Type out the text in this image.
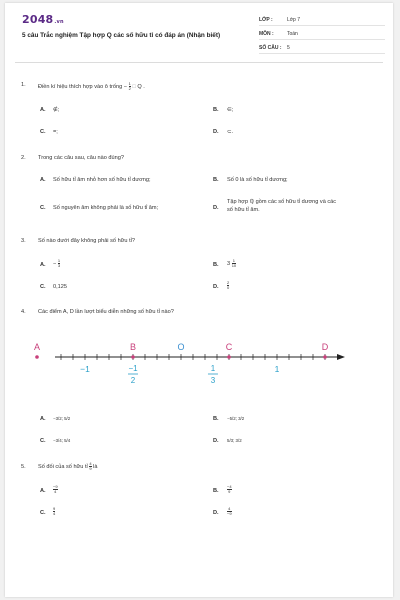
2048.vn
5 câu Trắc nghiệm Tập hợp Q các số hữu tỉ có đáp án (Nhận biết)
LỚP :	Lớp 7
MÔN :	Toán
SỐ CÂU : 5
1. Điền kí hiệu thích hợp vào ô trống − $\frac{1}{2}$ □ Q .
A. ∉;	B. ∈;
C. =;	D. ⊂.
2. Trong các câu sau, câu nào đúng?
A. Số hữu tỉ âm nhỏ hơn số hữu tỉ dương;	B. Số 0 là số hữu tỉ dương;
C. Số nguyên âm không phải là số hữu tỉ âm;	D.
Tập hợp ℚ gồm các số hữu tỉ dương và các số hữu tỉ âm.
3. Số nào dưới đây không phải số hữu tỉ?
A. − $\frac{1}{3}$	B. $3 \frac{1}{10}$
C. 0,125	D. $\frac{2}{0}$
4. Các điểm A, D lần lượt biểu diễn những số hữu tỉ nào?
A	B	O	C	D
−1	−1
2
1
3
1
A. −3/2; 5/2	B. −5/2; 3/2
C. −3/4; 5/4	D. 5/3; 3/2
5. Số đối của số hữu tỉ $\frac{4}{9}$ là
A. $\frac{-9}{4}$	B. $\frac{-4}{9}$
C. $\frac{9}{4}$	D. $\frac{4}{-9}$
